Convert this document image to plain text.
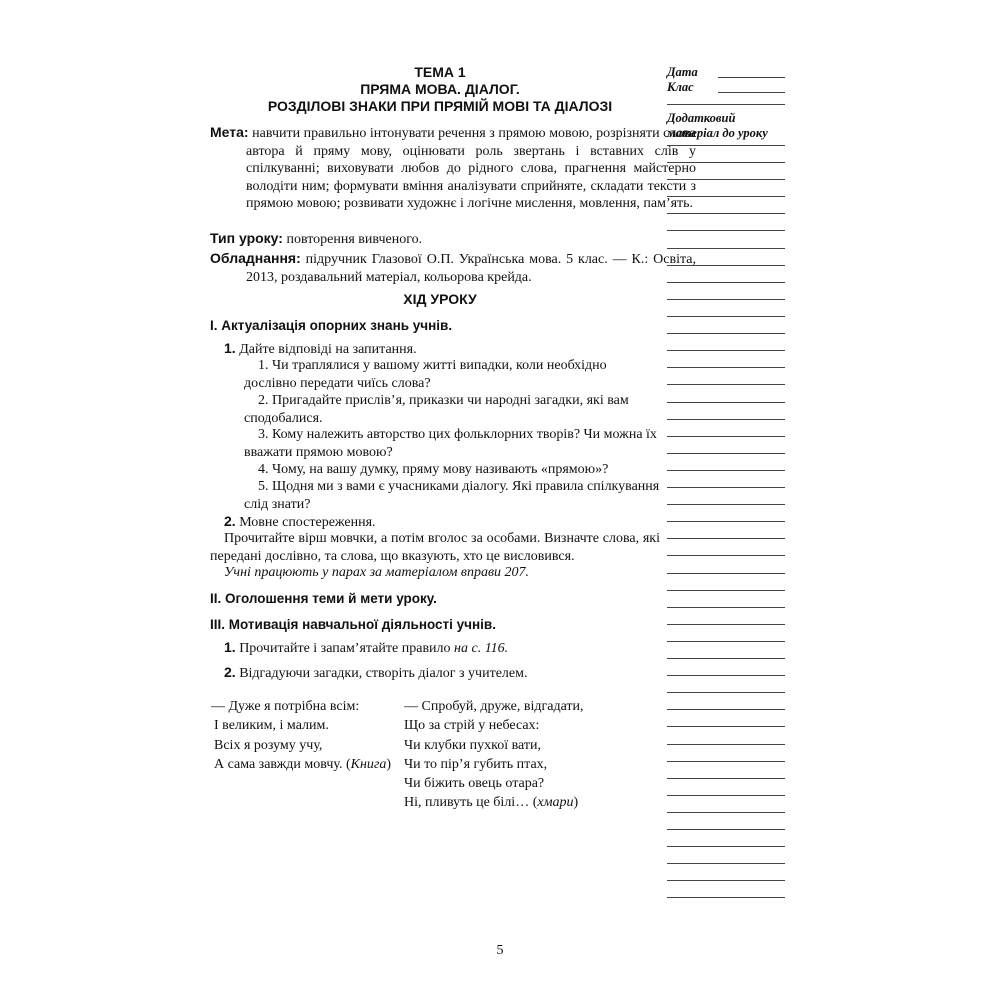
ТЕМА 1
ПРЯМА МОВА. ДІАЛОГ.
РОЗДІЛОВІ ЗНАКИ ПРИ ПРЯМІЙ МОВІ ТА ДІАЛОЗІ
Мета: навчити правильно інтонувати речення з прямою мовою, розрізняти слова автора й пряму мову, оцінювати роль звертань і вставних слів у спілкуванні; виховувати любов до рідного слова, прагнення майстерно володіти ним; формувати вміння аналізувати сприйняте, складати тексти з прямою мовою; розвивати художнє і логічне мислення, мовлення, пам’ять.
Тип уроку: повторення вивченого.
Обладнання: підручник Глазової О.П. Українська мова. 5 клас. — К.: Освіта, 2013, роздавальний матеріал, кольорова крейда.
ХІД УРОКУ
І. Актуалізація опорних знань учнів.
1. Дайте відповіді на запитання.
1. Чи траплялися у вашому житті випадки, коли необхідно дослівно передати чиїсь слова?
2. Пригадайте прислів’я, приказки чи народні загадки, які вам сподобалися.
3. Кому належить авторство цих фольклорних творів? Чи можна їх вважати прямою мовою?
4. Чому, на вашу думку, пряму мову називають «прямою»?
5. Щодня ми з вами є учасниками діалогу. Які правила спілкування слід знати?
2. Мовне спостереження.
Прочитайте вірш мовчки, а потім вголос за особами. Визначте слова, які передані дослівно, та слова, що вказують, хто це висловився.
Учні працюють у парах за матеріалом вправи 207.
ІІ. Оголошення теми й мети уроку.
ІІІ. Мотивація навчальної діяльності учнів.
1. Прочитайте і запам’ятайте правило на с. 116.
2. Відгадуючи загадки, створіть діалог з учителем.
— Дуже я потрібна всім:
І великим, і малим.
Всіх я розуму учу,
А сама завжди мовчу. (Книга)
— Спробуй, друже, відгадати,
Що за стрій у небесах:
Чи клубки пухкої вати,
Чи то пір’я губить птах,
Чи біжить овець отара?
Ні, пливуть це білі… (хмари)
Дата
Клас
Додатковий
матеріал до уроку
5
